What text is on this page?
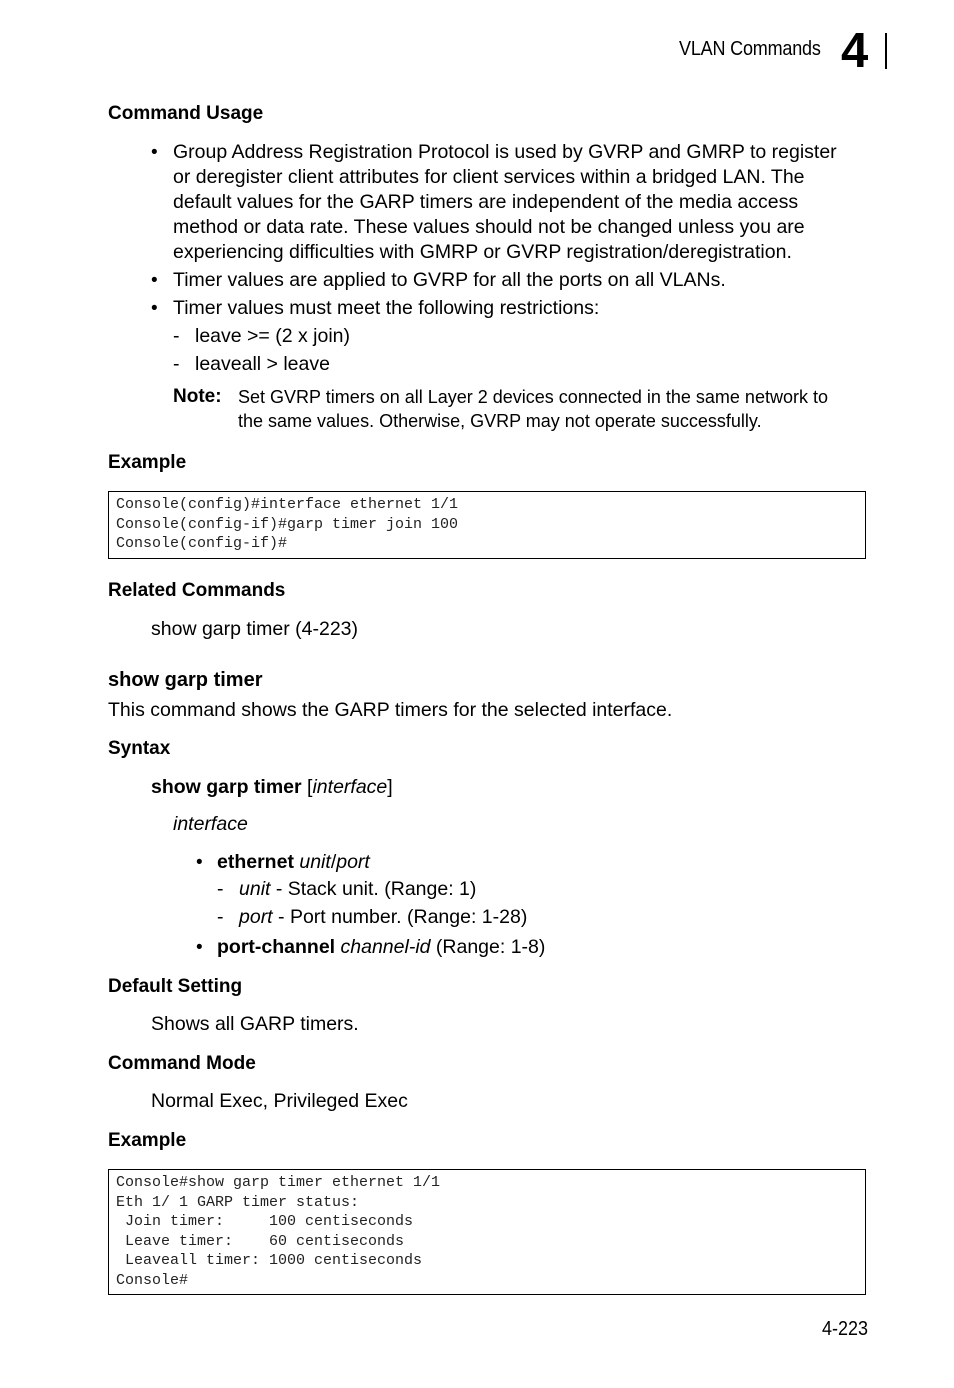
VLAN Commands 4
Command Usage
• Group Address Registration Protocol is used by GVRP and GMRP to register
or deregister client attributes for client services within a bridged LAN. The
default values for the GARP timers are independent of the media access
method or data rate. These values should not be changed unless you are
experiencing difficulties with GMRP or GVRP registration/deregistration.
• Timer values are applied to GVRP for all the ports on all VLANs.
• Timer values must meet the following restrictions:
- leave >= (2 x join)
- leaveall > leave
Note: Set GVRP timers on all Layer 2 devices connected in the same network to
the same values. Otherwise, GVRP may not operate successfully.
Example
Console(config)#interface ethernet 1/1
Console(config-if)#garp timer join 100
Console(config-if)#
Related Commands
show garp timer (4-223)
show garp timer
This command shows the GARP timers for the selected interface.
Syntax
show garp timer [interface]
interface
• ethernet unit/port
- unit - Stack unit. (Range: 1)
- port - Port number. (Range: 1-28)
• port-channel channel-id (Range: 1-8)
Default Setting
Shows all GARP timers.
Command Mode
Normal Exec, Privileged Exec
Example
Console#show garp timer ethernet 1/1
Eth 1/ 1 GARP timer status:
Join timer:     100 centiseconds
Leave timer:    60 centiseconds
Leaveall timer: 1000 centiseconds
Console#
4-223
